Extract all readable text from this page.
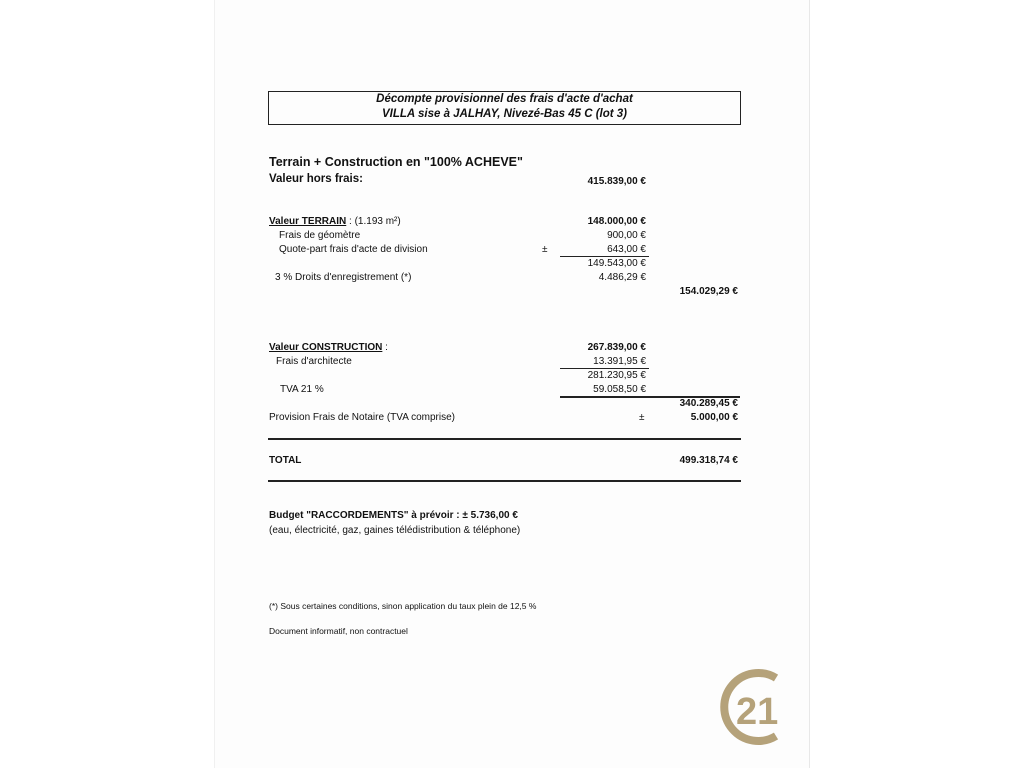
Décompte provisionnel des frais d'acte d'achat
VILLA sise à JALHAY, Nivezé-Bas 45 C (lot 3)
Terrain + Construction en "100% ACHEVE"
Valeur hors frais:	415.839,00 €
Valeur TERRAIN : (1.193 m²)	148.000,00 €
Frais de géomètre	900,00 €
Quote-part frais d'acte de division	±	643,00 €
149.543,00 €
3 % Droits d'enregistrement (*)	4.486,29 €
154.029,29 €
Valeur CONSTRUCTION :	267.839,00 €
Frais d'architecte	13.391,95 €
281.230,95 €
TVA 21 %	59.058,50 €
340.289,45 €
Provision Frais de Notaire (TVA comprise)	±	5.000,00 €
TOTAL	499.318,74 €
Budget "RACCORDEMENTS" à prévoir : ± 5.736,00 €
(eau, électricité, gaz, gaines télédistribution & téléphone)
(*) Sous certaines conditions, sinon application du taux plein de 12,5 %
Document informatif, non contractuel
21
